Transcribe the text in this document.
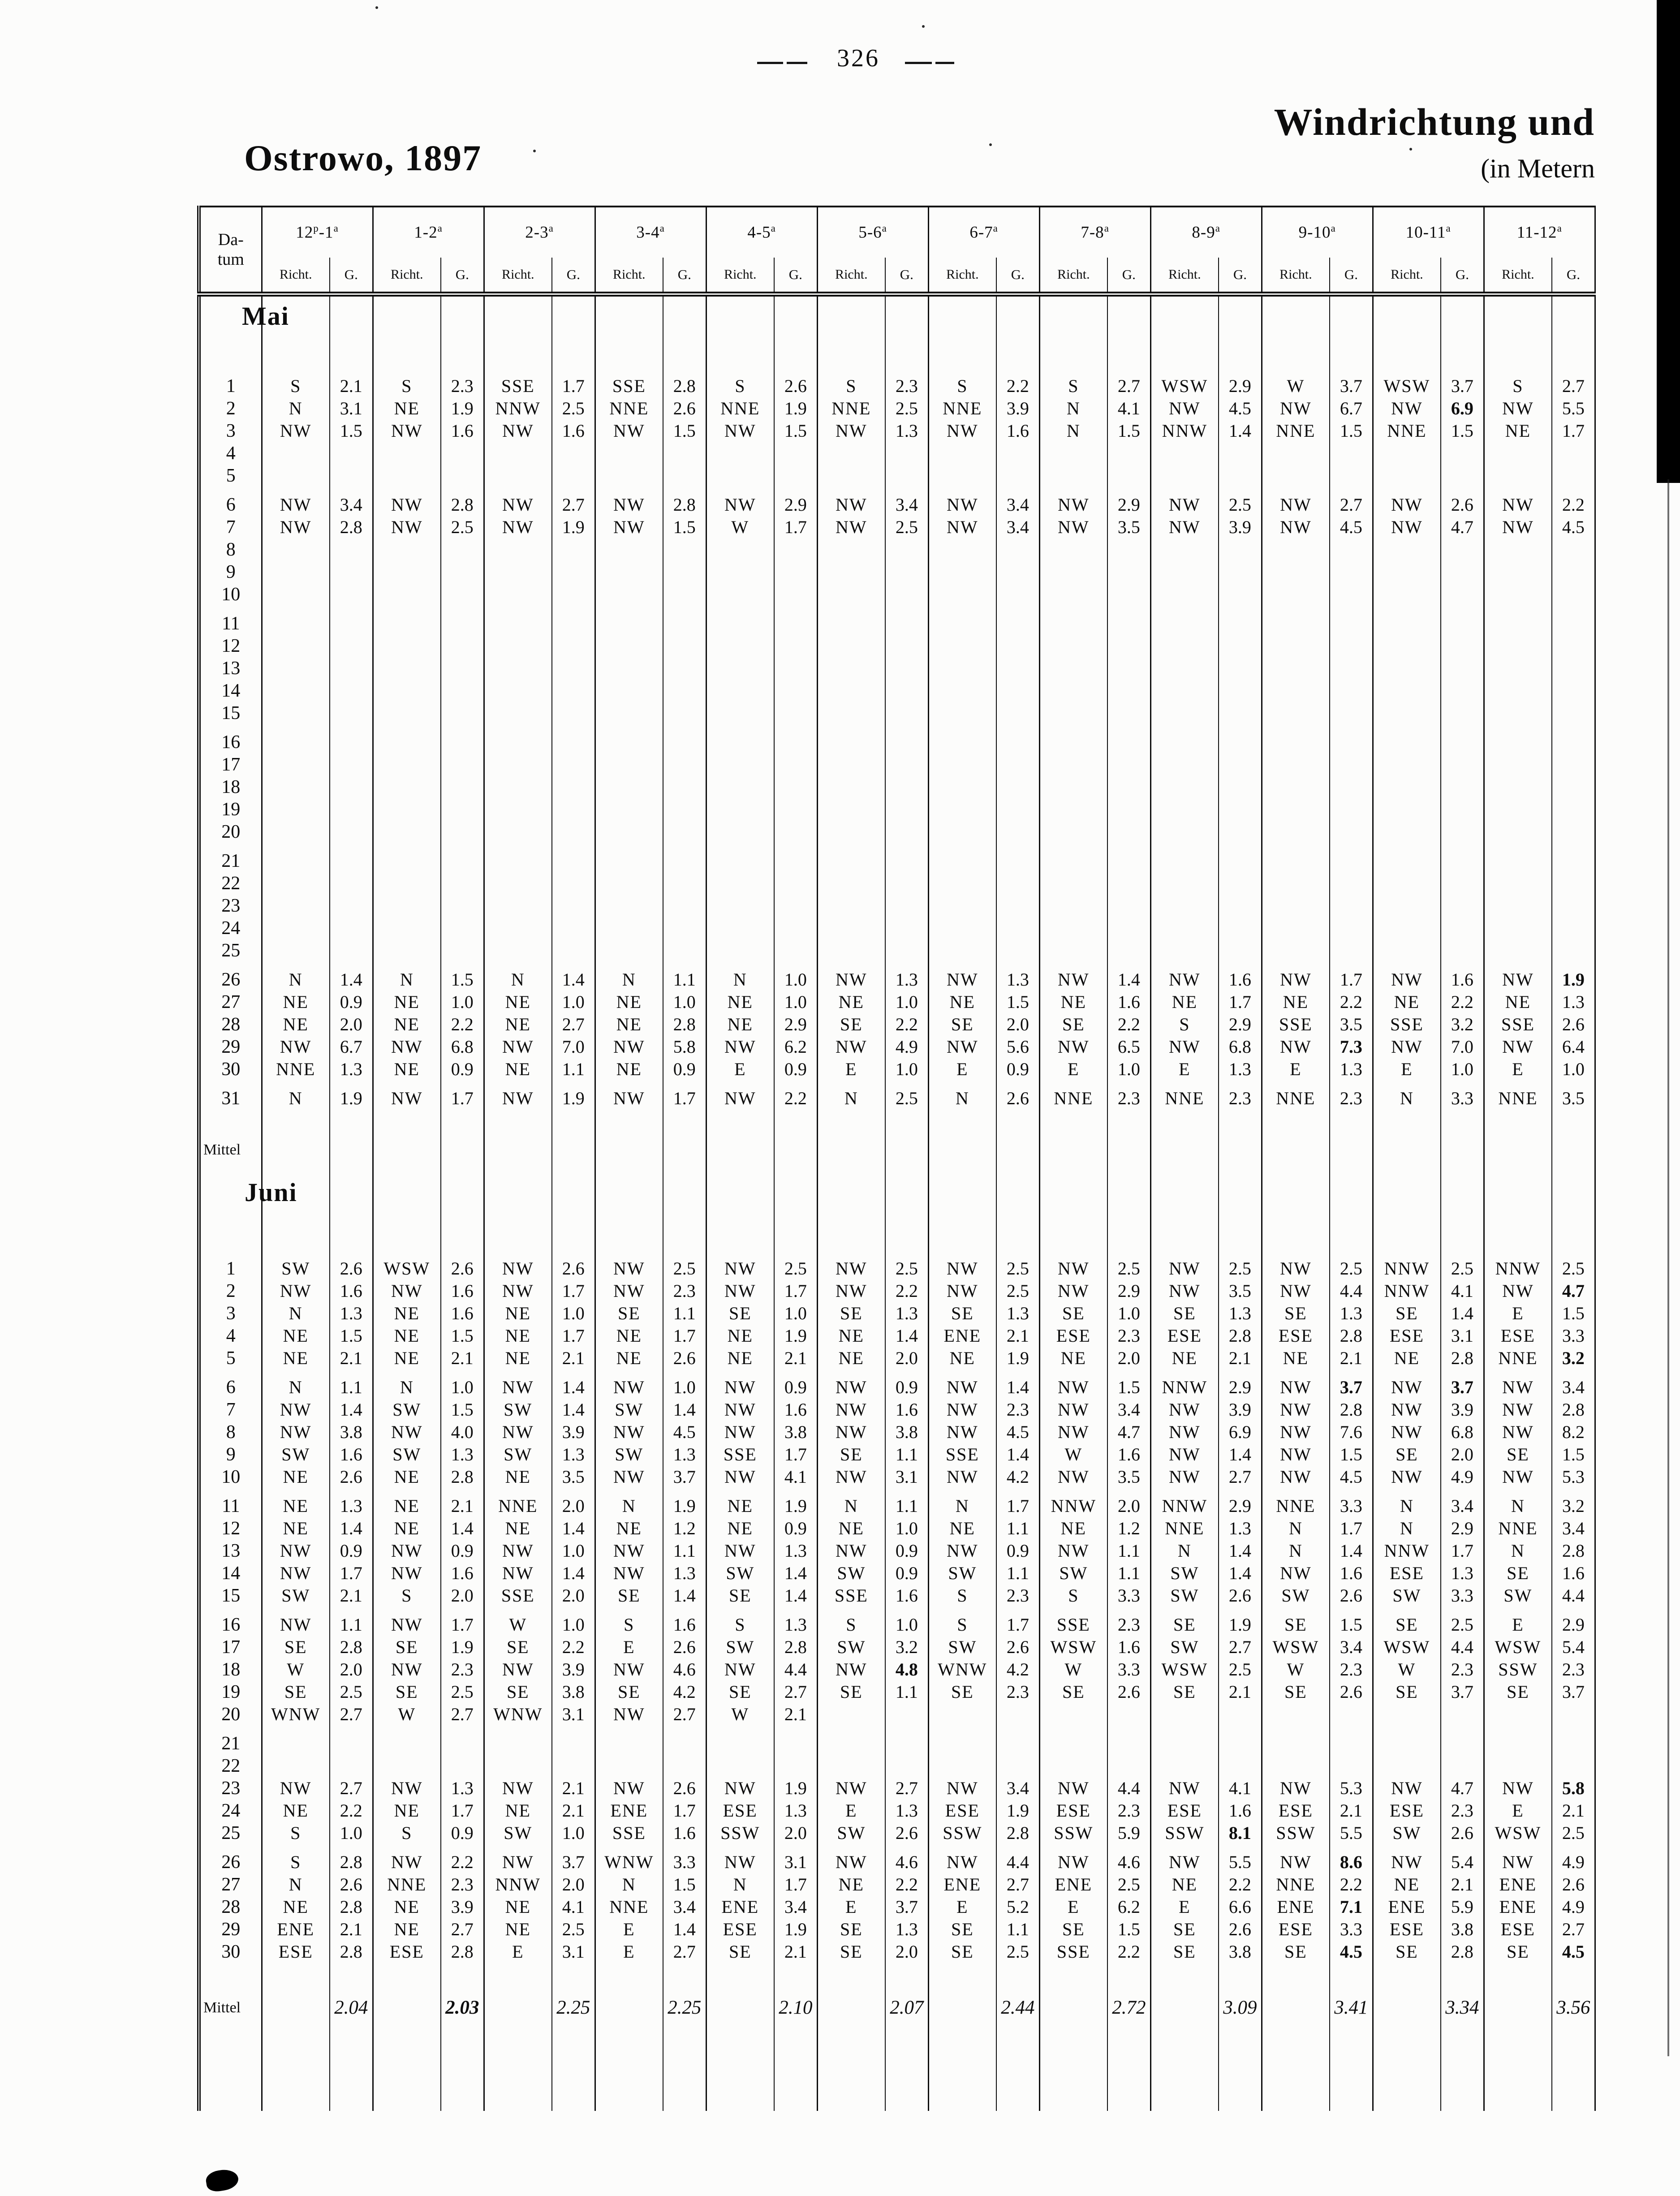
326
Ostrowo, 1897
Windrichtung und
(in Metern
Mai
Juni
Da-
tum	12$^p$-1$^a$		1-2$^a$		2-3$^a$		3-4$^a$		4-5$^a$		5-6$^a$		6-7$^a$		7-8$^a$		8-9$^a$		9-10$^a$		10-11$^a$		11-12$^a$
	Richt.	G.	Richt.	G.	Richt.	G.	Richt.	G.	Richt.	G.	Richt.	G.	Richt.	G.	Richt.	G.	Richt.	G.	Richt.	G.	Richt.	G.	Richt.	G.

1	S	2.1	S	2.3	SSE	1.7	SSE	2.8	S	2.6	S	2.3	S	2.2	S	2.7	WSW	2.9	W	3.7	WSW	3.7	S	2.7
2	N	3.1	NE	1.9	NNW	2.5	NNE	2.6	NNE	1.9	NNE	2.5	NNE	3.9	N	4.1	NW	4.5	NW	6.7	NW	6.9	NW	5.5
3	NW	1.5	NW	1.6	NW	1.6	NW	1.5	NW	1.5	NW	1.3	NW	1.6	N	1.5	NNW	1.4	NNE	1.5	NNE	1.5	NE	1.7
4																								
5																								

6	NW	3.4	NW	2.8	NW	2.7	NW	2.8	NW	2.9	NW	3.4	NW	3.4	NW	2.9	NW	2.5	NW	2.7	NW	2.6	NW	2.2
7	NW	2.8	NW	2.5	NW	1.9	NW	1.5	W	1.7	NW	2.5	NW	3.4	NW	3.5	NW	3.9	NW	4.5	NW	4.7	NW	4.5
8																								
9																								
10																								

11																								
12																								
13																								
14																								
15																								

16																								
17																								
18																								
19																								
20																								

21																								
22																								
23																								
24																								
25																								

26	N	1.4	N	1.5	N	1.4	N	1.1	N	1.0	NW	1.3	NW	1.3	NW	1.4	NW	1.6	NW	1.7	NW	1.6	NW	1.9
27	NE	0.9	NE	1.0	NE	1.0	NE	1.0	NE	1.0	NE	1.0	NE	1.5	NE	1.6	NE	1.7	NE	2.2	NE	2.2	NE	1.3
28	NE	2.0	NE	2.2	NE	2.7	NE	2.8	NE	2.9	SE	2.2	SE	2.0	SE	2.2	S	2.9	SSE	3.5	SSE	3.2	SSE	2.6
29	NW	6.7	NW	6.8	NW	7.0	NW	5.8	NW	6.2	NW	4.9	NW	5.6	NW	6.5	NW	6.8	NW	7.3	NW	7.0	NW	6.4
30	NNE	1.3	NE	0.9	NE	1.1	NE	0.9	E	0.9	E	1.0	E	0.9	E	1.0	E	1.3	E	1.3	E	1.0	E	1.0

31	N	1.9	NW	1.7	NW	1.9	NW	1.7	NW	2.2	N	2.5	N	2.6	NNE	2.3	NNE	2.3	NNE	2.3	N	3.3	NNE	3.5

Mittel																								

1	SW	2.6	WSW	2.6	NW	2.6	NW	2.5	NW	2.5	NW	2.5	NW	2.5	NW	2.5	NW	2.5	NW	2.5	NNW	2.5	NNW	2.5
2	NW	1.6	NW	1.6	NW	1.7	NW	2.3	NW	1.7	NW	2.2	NW	2.5	NW	2.9	NW	3.5	NW	4.4	NNW	4.1	NW	4.7
3	N	1.3	NE	1.6	NE	1.0	SE	1.1	SE	1.0	SE	1.3	SE	1.3	SE	1.0	SE	1.3	SE	1.3	SE	1.4	E	1.5
4	NE	1.5	NE	1.5	NE	1.7	NE	1.7	NE	1.9	NE	1.4	ENE	2.1	ESE	2.3	ESE	2.8	ESE	2.8	ESE	3.1	ESE	3.3
5	NE	2.1	NE	2.1	NE	2.1	NE	2.6	NE	2.1	NE	2.0	NE	1.9	NE	2.0	NE	2.1	NE	2.1	NE	2.8	NNE	3.2

6	N	1.1	N	1.0	NW	1.4	NW	1.0	NW	0.9	NW	0.9	NW	1.4	NW	1.5	NNW	2.9	NW	3.7	NW	3.7	NW	3.4
7	NW	1.4	SW	1.5	SW	1.4	SW	1.4	NW	1.6	NW	1.6	NW	2.3	NW	3.4	NW	3.9	NW	2.8	NW	3.9	NW	2.8
8	NW	3.8	NW	4.0	NW	3.9	NW	4.5	NW	3.8	NW	3.8	NW	4.5	NW	4.7	NW	6.9	NW	7.6	NW	6.8	NW	8.2
9	SW	1.6	SW	1.3	SW	1.3	SW	1.3	SSE	1.7	SE	1.1	SSE	1.4	W	1.6	NW	1.4	NW	1.5	SE	2.0	SE	1.5
10	NE	2.6	NE	2.8	NE	3.5	NW	3.7	NW	4.1	NW	3.1	NW	4.2	NW	3.5	NW	2.7	NW	4.5	NW	4.9	NW	5.3

11	NE	1.3	NE	2.1	NNE	2.0	N	1.9	NE	1.9	N	1.1	N	1.7	NNW	2.0	NNW	2.9	NNE	3.3	N	3.4	N	3.2
12	NE	1.4	NE	1.4	NE	1.4	NE	1.2	NE	0.9	NE	1.0	NE	1.1	NE	1.2	NNE	1.3	N	1.7	N	2.9	NNE	3.4
13	NW	0.9	NW	0.9	NW	1.0	NW	1.1	NW	1.3	NW	0.9	NW	0.9	NW	1.1	N	1.4	N	1.4	NNW	1.7	N	2.8
14	NW	1.7	NW	1.6	NW	1.4	NW	1.3	SW	1.4	SW	0.9	SW	1.1	SW	1.1	SW	1.4	NW	1.6	ESE	1.3	SE	1.6
15	SW	2.1	S	2.0	SSE	2.0	SE	1.4	SE	1.4	SSE	1.6	S	2.3	S	3.3	SW	2.6	SW	2.6	SW	3.3	SW	4.4

16	NW	1.1	NW	1.7	W	1.0	S	1.6	S	1.3	S	1.0	S	1.7	SSE	2.3	SE	1.9	SE	1.5	SE	2.5	E	2.9
17	SE	2.8	SE	1.9	SE	2.2	E	2.6	SW	2.8	SW	3.2	SW	2.6	WSW	1.6	SW	2.7	WSW	3.4	WSW	4.4	WSW	5.4
18	W	2.0	NW	2.3	NW	3.9	NW	4.6	NW	4.4	NW	4.8	WNW	4.2	W	3.3	WSW	2.5	W	2.3	W	2.3	SSW	2.3
19	SE	2.5	SE	2.5	SE	3.8	SE	4.2	SE	2.7	SE	1.1	SE	2.3	SE	2.6	SE	2.1	SE	2.6	SE	3.7	SE	3.7
20	WNW	2.7	W	2.7	WNW	3.1	NW	2.7	W	2.1														

21																								
22																								
23	NW	2.7	NW	1.3	NW	2.1	NW	2.6	NW	1.9	NW	2.7	NW	3.4	NW	4.4	NW	4.1	NW	5.3	NW	4.7	NW	5.8
24	NE	2.2	NE	1.7	NE	2.1	ENE	1.7	ESE	1.3	E	1.3	ESE	1.9	ESE	2.3	ESE	1.6	ESE	2.1	ESE	2.3	E	2.1
25	S	1.0	S	0.9	SW	1.0	SSE	1.6	SSW	2.0	SW	2.6	SSW	2.8	SSW	5.9	SSW	8.1	SSW	5.5	SW	2.6	WSW	2.5

26	S	2.8	NW	2.2	NW	3.7	WNW	3.3	NW	3.1	NW	4.6	NW	4.4	NW	4.6	NW	5.5	NW	8.6	NW	5.4	NW	4.9
27	N	2.6	NNE	2.3	NNW	2.0	N	1.5	N	1.7	NE	2.2	ENE	2.7	ENE	2.5	NE	2.2	NNE	2.2	NE	2.1	ENE	2.6
28	NE	2.8	NE	3.9	NE	4.1	NNE	3.4	ENE	3.4	E	3.7	E	5.2	E	6.2	E	6.6	ENE	7.1	ENE	5.9	ENE	4.9
29	ENE	2.1	NE	2.7	NE	2.5	E	1.4	ESE	1.9	SE	1.3	SE	1.1	SE	1.5	SE	2.6	ESE	3.3	ESE	3.8	ESE	2.7
30	ESE	2.8	ESE	2.8	E	3.1	E	2.7	SE	2.1	SE	2.0	SE	2.5	SSE	2.2	SE	3.8	SE	4.5	SE	2.8	SE	4.5

Mittel		2.04		2.03		2.25		2.25		2.10		2.07		2.44		2.72		3.09		3.41		3.34		3.56
